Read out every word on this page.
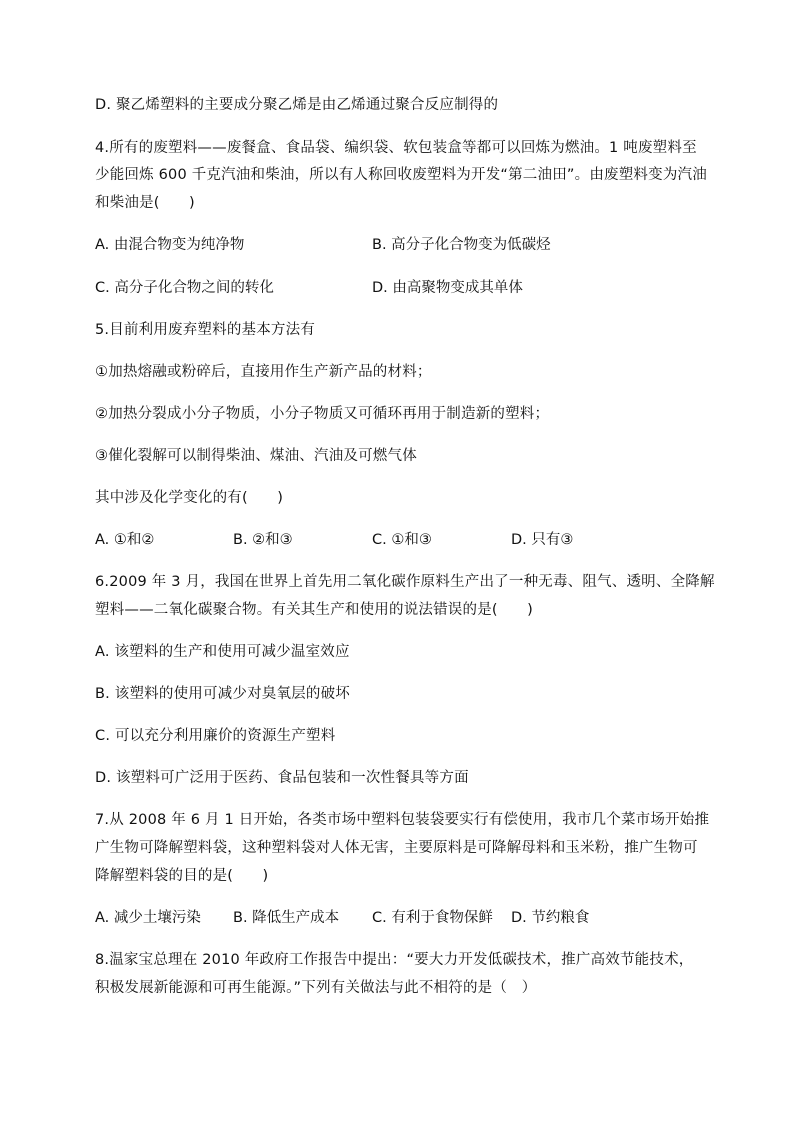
D. 聚乙烯塑料的主要成分聚乙烯是由乙烯通过聚合反应制得的
4.所有的废塑料——废餐盒、食品袋、编织袋、软包装盒等都可以回炼为燃油。1 吨废塑料至
少能回炼 600 千克汽油和柴油，所以有人称回收废塑料为开发“第二油田”。由废塑料变为汽油
和柴油是(　　)
A. 由混合物变为纯净物	B. 高分子化合物变为低碳烃
C. 高分子化合物之间的转化	D. 由高聚物变成其单体
5.目前利用废弃塑料的基本方法有
①加热熔融或粉碎后，直接用作生产新产品的材料；
②加热分裂成小分子物质，小分子物质又可循环再用于制造新的塑料；
③催化裂解可以制得柴油、煤油、汽油及可燃气体
其中涉及化学变化的有(　　)
A. ①和②	B. ②和③	C. ①和③	D. 只有③
6.2009 年 3 月，我国在世界上首先用二氧化碳作原料生产出了一种无毒、阻气、透明、全降解
塑料——二氧化碳聚合物。有关其生产和使用的说法错误的是(　　)
A. 该塑料的生产和使用可减少温室效应
B. 该塑料的使用可减少对臭氧层的破坏
C. 可以充分利用廉价的资源生产塑料
D. 该塑料可广泛用于医药、食品包装和一次性餐具等方面
7.从 2008 年 6 月 1 日开始，各类市场中塑料包装袋要实行有偿使用，我市几个菜市场开始推
广生物可降解塑料袋，这种塑料袋对人体无害，主要原料是可降解母料和玉米粉，推广生物可
降解塑料袋的目的是(　　)
A. 减少土壤污染 B. 降低生产成本 C. 有利于食物保鲜 D. 节约粮食
8.温家宝总理在 2010 年政府工作报告中提出：“要大力开发低碳技术，推广高效节能技术，
积极发展新能源和可再生能源。”下列有关做法与此不相符的是（　）
